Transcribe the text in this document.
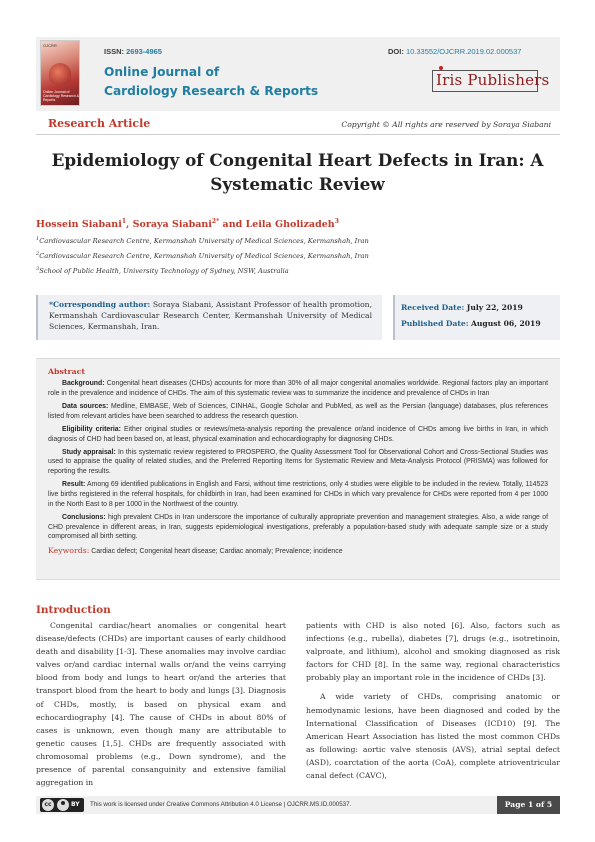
OJCRR
Online Journal of Cardiology Research & Reports
ISSN: 2693-4965	DOI: 10.33552/OJCRR.2019.02.000537
Online Journal of
Cardiology Research & Reports
Iris Publishers
Research Article	Copyright © All rights are reserved by Soraya Siabani
Epidemiology of Congenital Heart Defects in Iran: A
Systematic Review
Hossein Siabani$^1$, Soraya Siabani$^{2*}$ and Leila Gholizadeh$^3$
$^1$Cardiovascular Research Centre, Kermanshah University of Medical Sciences, Kermanshah, Iran
$^2$Cardiovascular Research Centre, Kermanshah University of Medical Sciences, Kermanshah, Iran
$^3$School of Public Health, University Technology of Sydney, NSW, Australia
*Corresponding author: Soraya Siabani, Assistant Professor of health promotion, Kermanshah Cardiovascular Research Center, Kermanshah University of Medical Sciences, Kermanshah, Iran.
Received Date: July 22, 2019
Published Date: August 06, 2019
Abstract

Background: Congenital heart diseases (CHDs) accounts for more than 30% of all major congenital anomalies worldwide. Regional factors play an important role in the prevalence and incidence of CHDs. The aim of this systematic review was to summarize the incidence and prevalence of CHDs in Iran

Data sources: Medline, EMBASE, Web of Sciences, CINHAL, Google Scholar and PubMed, as well as the Persian (language) databases, plus references listed from relevant articles have been searched to address the research question.

Eligibility criteria: Either original studies or reviews/meta-analysis reporting the prevalence or/and incidence of CHDs among live births in Iran, in which diagnosis of CHD had been based on, at least, physical examination and echocardiography for diagnosing CHDs.

Study appraisal: In this systematic review registered to PROSPERO, the Quality Assessment Tool for Observational Cohort and Cross-Sectional Studies was used to appraise the quality of related studies, and the Preferred Reporting Items for Systematic Review and Meta-Analysis Protocol (PRISMA) was followed for reporting the results.

Result: Among 69 identified publications in English and Farsi, without time restrictions, only 4 studies were eligible to be included in the review. Totally, 114523 live births registered in the referral hospitals, for childbirth in Iran, had been examined for CHDs in which vary prevalence for CHDs were reported from 4 per 1000 in the North East to 8 per 1000 in the Northwest of the country.

Conclusions: high prevalent CHDs in Iran underscore the importance of culturally appropriate prevention and management strategies. Also, a wide range of CHD prevalence in different areas, in Iran, suggests epidemiological investigations, preferably a population-based study with adequate sample size or a study compromised all birth setting.

Keywords: Cardiac defect; Congenital heart disease; Cardiac anomaly; Prevalence; incidence

Introduction

Congenital cardiac/heart anomalies or congenital heart disease/defects (CHDs) are important causes of early childhood death and disability [1-3]. These anomalies may involve cardiac valves or/and cardiac internal walls or/and the veins carrying blood from body and lungs to heart or/and the arteries that transport blood from the heart to body and lungs [3]. Diagnosis of CHDs, mostly, is based on physical exam and echocardiography [4]. The cause of CHDs in about 80% of cases is unknown, even though many are attributable to genetic causes [1,5]. CHDs are frequently associated with chromosomal problems (e.g., Down syndrome), and the presence of parental consanguinity and extensive familial aggregation in

patients with CHD is also noted [6]. Also, factors such as infections (e.g., rubella), diabetes [7], drugs (e.g., isotretinoin, valproate, and lithium), alcohol and smoking diagnosed as risk factors for CHD [8]. In the same way, regional characteristics probably play an important role in the incidence of CHDs [3].

A wide variety of CHDs, comprising anatomic or hemodynamic lesions, have been diagnosed and coded by the International Classification of Diseases (ICD10) [9]. The American Heart Association has listed the most common CHDs as following: aortic valve stenosis (AVS), atrial septal defect (ASD), coarctation of the aorta (CoA), complete atrioventricular canal defect (CAVC),

cc	BY This work is licensed under Creative Commons Attribution 4.0 License | OJCRR.MS.ID.000537.	Page 1 of 5
